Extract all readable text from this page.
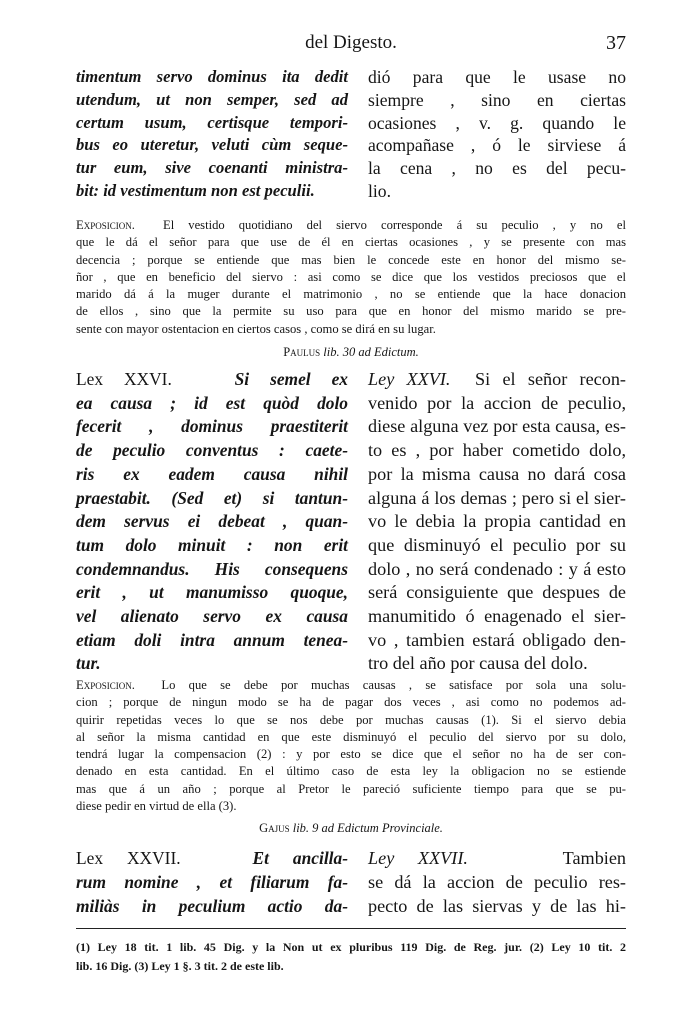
del Digesto.	37
timentum servo dominus ita dedit
utendum, ut non semper, sed ad
certum usum, certisque tempori-
bus eo uteretur, veluti cùm seque-
tur eum, sive coenanti ministra-
bit: id vestimentum non est peculii.
dió para que le usase no
siempre , sino en ciertas
ocasiones , v. g. quando le
acompañase , ó le sirviese á
la cena , no es del pecu-
lio.
Exposicion. El vestido quotidiano del siervo corresponde á su peculio , y no el
que le dá el señor para que use de él en ciertas ocasiones , y se presente con mas
decencia ; porque se entiende que mas bien le concede este en honor del mismo se-
ñor , que en beneficio del siervo : asi como se dice que los vestidos preciosos que el
marido dá á la muger durante el matrimonio , no se entiende que la hace donacion
de ellos , sino que la permite su uso para que en honor del mismo marido se pre-
sente con mayor ostentacion en ciertos casos , como se dirá en su lugar.
Paulus lib. 30 ad Edictum.
Lex XXVI.	Si semel ex
ea causa ; id est quòd dolo
fecerit , dominus praestiterit
de peculio conventus : caete-
ris ex eadem causa nihil
praestabit. (Sed et) si tantun-
dem servus ei debeat , quan-
tum dolo minuit : non erit
condemnandus. His consequens
erit , ut manumisso quoque,
vel alienato servo ex causa
etiam doli intra annum tenea-
tur.
Ley XXVI. Si el señor recon-
venido por la accion de peculio,
diese alguna vez por esta causa, es-
to es , por haber cometido dolo,
por la misma causa no dará cosa
alguna á los demas ; pero si el sier-
vo le debia la propia cantidad en
que disminuyó el peculio por su
dolo , no será condenado : y á esto
será consiguiente que despues de
manumitido ó enagenado el sier-
vo , tambien estará obligado den-
tro del año por causa del dolo.
Exposicion. Lo que se debe por muchas causas , se satisface por sola una solu-
cion ; porque de ningun modo se ha de pagar dos veces , asi como no podemos ad-
quirir repetidas veces lo que se nos debe por muchas causas (1). Si el siervo debia
al señor la misma cantidad en que este disminuyó el peculio del siervo por su dolo,
tendrá lugar la compensacion (2) : y por esto se dice que el señor no ha de ser con-
denado en esta cantidad. En el último caso de esta ley la obligacion no se estiende
mas que á un año ; porque al Pretor le pareció suficiente tiempo para que se pu-
diese pedir en virtud de ella (3).
Gajus lib. 9 ad Edictum Provinciale.
Lex XXVII.	Et ancilla-
rum nomine , et filiarum fa-
miliàs in peculium actio da-
Ley XXVII.	Tambien
se dá la accion de peculio res-
pecto de las siervas y de las hi-
(1) Ley 18 tit. 1 lib. 45 Dig. y la Non ut ex pluribus 119 Dig. de Reg. jur. (2) Ley 10 tit. 2
lib. 16 Dig. (3) Ley 1 §. 3 tit. 2 de este lib.
